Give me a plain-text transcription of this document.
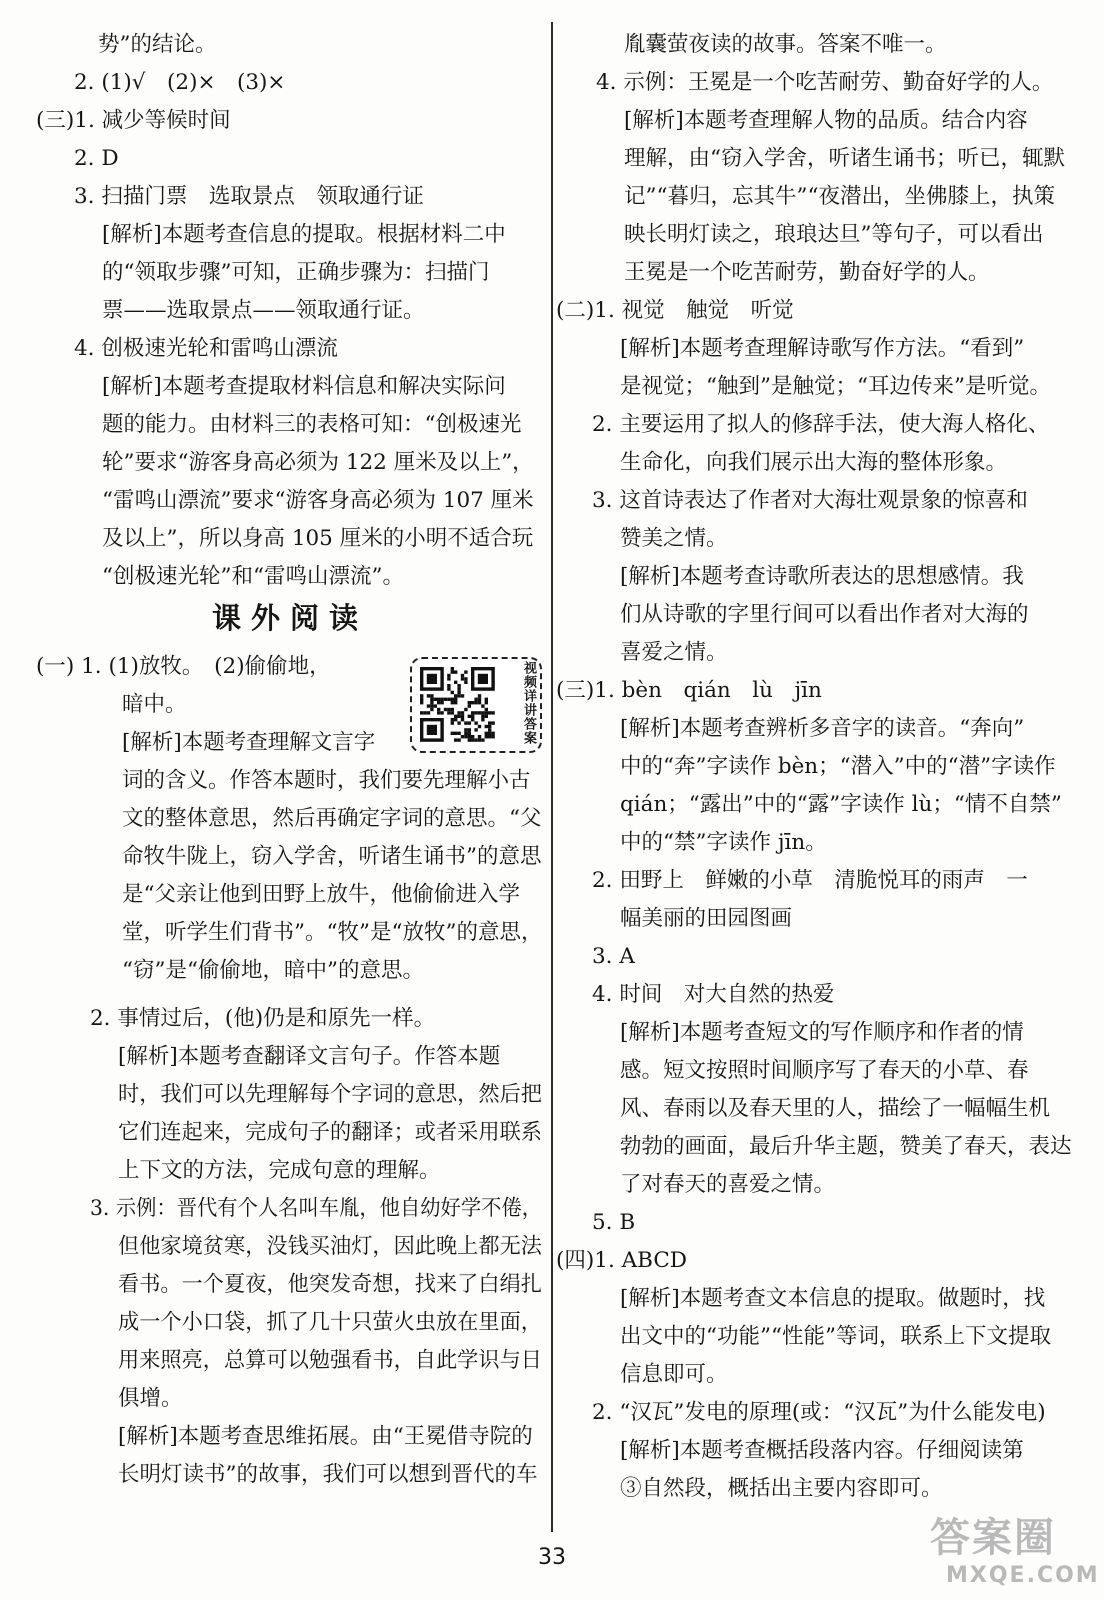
势”的结论。
2. (1)√　(2)×　(3)×
(三)1. 减少等候时间
2. D
3. 扫描门票　选取景点　领取通行证
[解析]本题考查信息的提取。根据材料二中
的“领取步骤”可知，正确步骤为：扫描门
票——选取景点——领取通行证。
4. 创极速光轮和雷鸣山漂流
[解析]本题考查提取材料信息和解决实际问
题的能力。由材料三的表格可知：“创极速光
轮”要求“游客身高必须为 122 厘米及以上”，
“雷鸣山漂流”要求“游客身高必须为 107 厘米
及以上”，所以身高 105 厘米的小明不适合玩
“创极速光轮”和“雷鸣山漂流”。
(一) 1. (1)放牧。　(2)偷偷地，
暗中。
[解析]本题考查理解文言字
词的含义。作答本题时，我们要先理解小古
文的整体意思，然后再确定字词的意思。“父
命牧牛陇上，窃入学舍，听诸生诵书”的意思
是“父亲让他到田野上放牛，他偷偷进入学
堂，听学生们背书”。“牧”是“放牧”的意思，
“窃”是“偷偷地，暗中”的意思。
2. 事情过后，(他)仍是和原先一样。
[解析]本题考查翻译文言句子。作答本题
时，我们可以先理解每个字词的意思，然后把
它们连起来，完成句子的翻译；或者采用联系
上下文的方法，完成句意的理解。
3. 示例：晋代有个人名叫车胤，他自幼好学不倦，
但他家境贫寒，没钱买油灯，因此晚上都无法
看书。一个夏夜，他突发奇想，找来了白绢扎
成一个小口袋，抓了几十只萤火虫放在里面，
用来照亮，总算可以勉强看书，自此学识与日
俱增。
[解析]本题考查思维拓展。由“王冕借寺院的
长明灯读书”的故事，我们可以想到晋代的车
胤囊萤夜读的故事。答案不唯一。
4. 示例：王冕是一个吃苦耐劳、勤奋好学的人。
[解析]本题考查理解人物的品质。结合内容
理解，由“窃入学舍，听诸生诵书；听已，辄默
记”“暮归，忘其牛”“夜潜出，坐佛膝上，执策
映长明灯读之，琅琅达旦”等句子，可以看出
王冕是一个吃苦耐劳，勤奋好学的人。
(二)1. 视觉　触觉　听觉
[解析]本题考查理解诗歌写作方法。“看到”
是视觉；“触到”是触觉；“耳边传来”是听觉。
2. 主要运用了拟人的修辞手法，使大海人格化、
生命化，向我们展示出大海的整体形象。
3. 这首诗表达了作者对大海壮观景象的惊喜和
赞美之情。
[解析]本题考查诗歌所表达的思想感情。我
们从诗歌的字里行间可以看出作者对大海的
喜爱之情。
(三)1. bèn　qián　lù　jīn
[解析]本题考查辨析多音字的读音。“奔向”
中的“奔”字读作 bèn；“潜入”中的“潜”字读作
qián；“露出”中的“露”字读作 lù；“情不自禁”
中的“禁”字读作 jīn。
2. 田野上　鲜嫩的小草　清脆悦耳的雨声　一
幅美丽的田园图画
3. A
4. 时间　对大自然的热爱
[解析]本题考查短文的写作顺序和作者的情
感。短文按照时间顺序写了春天的小草、春
风、春雨以及春天里的人，描绘了一幅幅生机
勃勃的画面，最后升华主题，赞美了春天，表达
了对春天的喜爱之情。
5. B
(四)1. ABCD
[解析]本题考查文本信息的提取。做题时，找
出文中的“功能”“性能”等词，联系上下文提取
信息即可。
2. “汉瓦”发电的原理(或：“汉瓦”为什么能发电)
[解析]本题考查概括段落内容。仔细阅读第
③自然段，概括出主要内容即可。
课外阅读
视频详讲答案
33	答案圈
MXQE.COM
